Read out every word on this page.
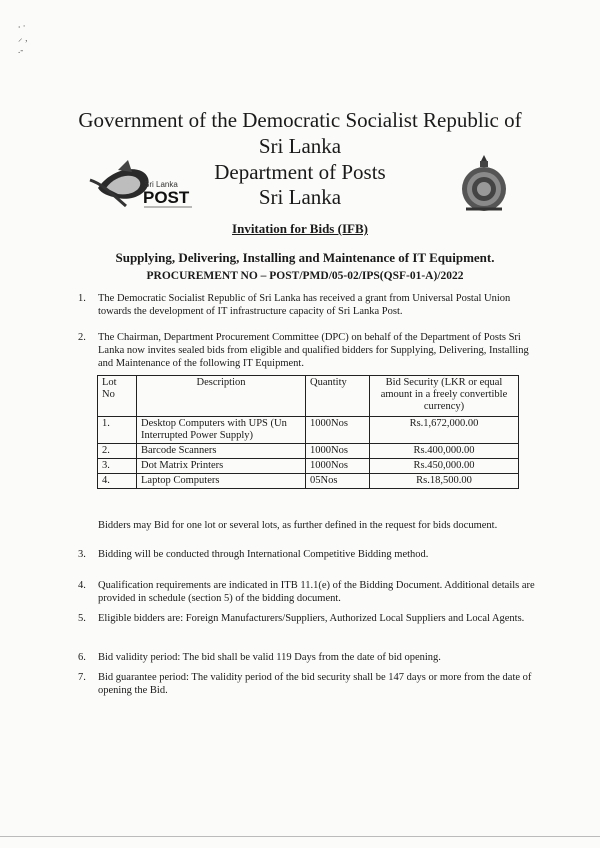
⸳ ·
⸝ ‚
.‑
Government of the Democratic Socialist Republic of
Sri Lanka
Department of Posts
Sri Lanka
Sri Lanka
POST
Invitation for Bids (IFB)
Supplying, Delivering, Installing and Maintenance of IT Equipment.
PROCUREMENT NO – POST/PMD/05-02/IPS(QSF-01-A)/2022
1. The Democratic Socialist Republic of Sri Lanka has received a grant from Universal Postal Union towards the development of IT infrastructure capacity of Sri Lanka Post.
2. The Chairman, Department Procurement Committee (DPC) on behalf of the Department of Posts Sri Lanka now invites sealed bids from eligible and qualified bidders for Supplying, Delivering, Installing and Maintenance of the following IT Equipment.
Lot No	Description	Quantity	Bid Security (LKR or equal amount in a freely convertible currency)
1.	Desktop Computers with UPS (Un Interrupted Power Supply)	1000Nos	Rs.1,672,000.00
2.	Barcode Scanners	1000Nos	Rs.400,000.00
3.	Dot Matrix Printers	1000Nos	Rs.450,000.00
4.	Laptop Computers	05Nos	Rs.18,500.00
Bidders may Bid for one lot or several lots, as further defined in the request for bids document.
3. Bidding will be conducted through International Competitive Bidding method.
4. Qualification requirements are indicated in ITB 11.1(e) of the Bidding Document. Additional details are provided in schedule (section 5) of the bidding document.
5. Eligible bidders are: Foreign Manufacturers/Suppliers, Authorized Local Suppliers and Local Agents.
6. Bid validity period: The bid shall be valid 119 Days from the date of bid opening.
7. Bid guarantee period: The validity period of the bid security shall be 147 days or more from the date of opening the Bid.
